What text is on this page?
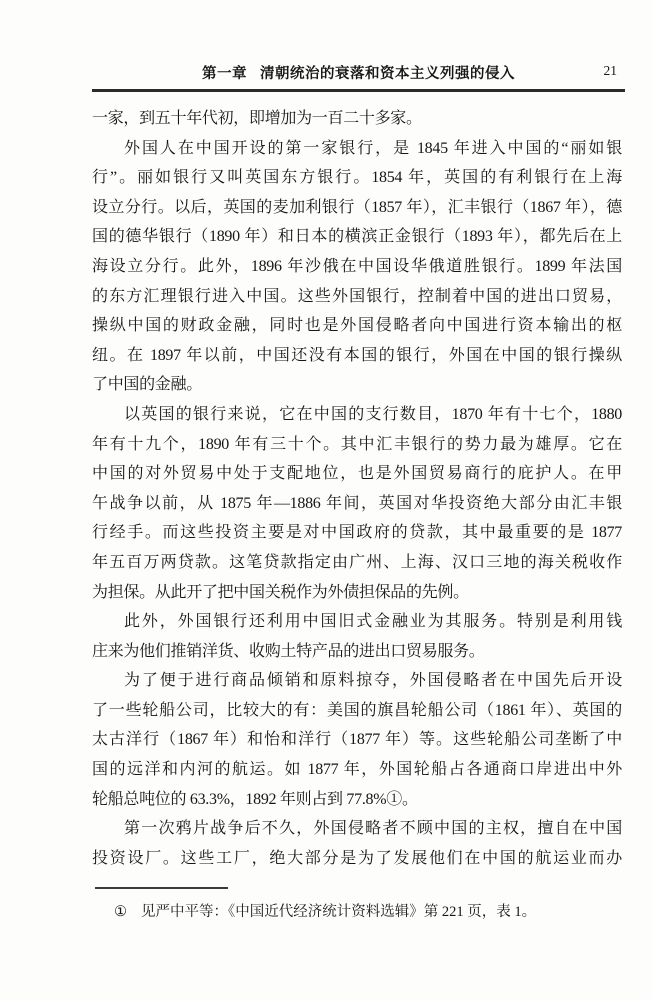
第一章 清朝统治的衰落和资本主义列强的侵入	21
一家，到五十年代初，即增加为一百二十多家。
外国人在中国开设的第一家银行，是 1845 年进入中国的“丽如银
行”。丽如银行又叫英国东方银行。1854 年，英国的有利银行在上海
设立分行。以后，英国的麦加利银行（1857 年），汇丰银行（1867 年），德
国的德华银行（1890 年）和日本的横滨正金银行（1893 年），都先后在上
海设立分行。此外，1896 年沙俄在中国设华俄道胜银行。1899 年法国
的东方汇理银行进入中国。这些外国银行，控制着中国的进出口贸易，
操纵中国的财政金融，同时也是外国侵略者向中国进行资本输出的枢
纽。在 1897 年以前，中国还没有本国的银行，外国在中国的银行操纵
了中国的金融。
以英国的银行来说，它在中国的支行数目，1870 年有十七个，1880
年有十九个，1890 年有三十个。其中汇丰银行的势力最为雄厚。它在
中国的对外贸易中处于支配地位，也是外国贸易商行的庇护人。在甲
午战争以前，从 1875 年—1886 年间，英国对华投资绝大部分由汇丰银
行经手。而这些投资主要是对中国政府的贷款，其中最重要的是 1877
年五百万两贷款。这笔贷款指定由广州、上海、汉口三地的海关税收作
为担保。从此开了把中国关税作为外债担保品的先例。
此外，外国银行还利用中国旧式金融业为其服务。特别是利用钱
庄来为他们推销洋货、收购土特产品的进出口贸易服务。
为了便于进行商品倾销和原料掠夺，外国侵略者在中国先后开设
了一些轮船公司，比较大的有：美国的旗昌轮船公司（1861 年）、英国的
太古洋行（1867 年）和怡和洋行（1877 年）等。这些轮船公司垄断了中
国的远洋和内河的航运。如 1877 年，外国轮船占各通商口岸进出中外
轮船总吨位的 63.3%，1892 年则占到 77.8%①。
第一次鸦片战争后不久，外国侵略者不顾中国的主权，擅自在中国
投资设厂。这些工厂，绝大部分是为了发展他们在中国的航运业而办
① 见严中平等：《中国近代经济统计资料选辑》第 221 页，表 1。
